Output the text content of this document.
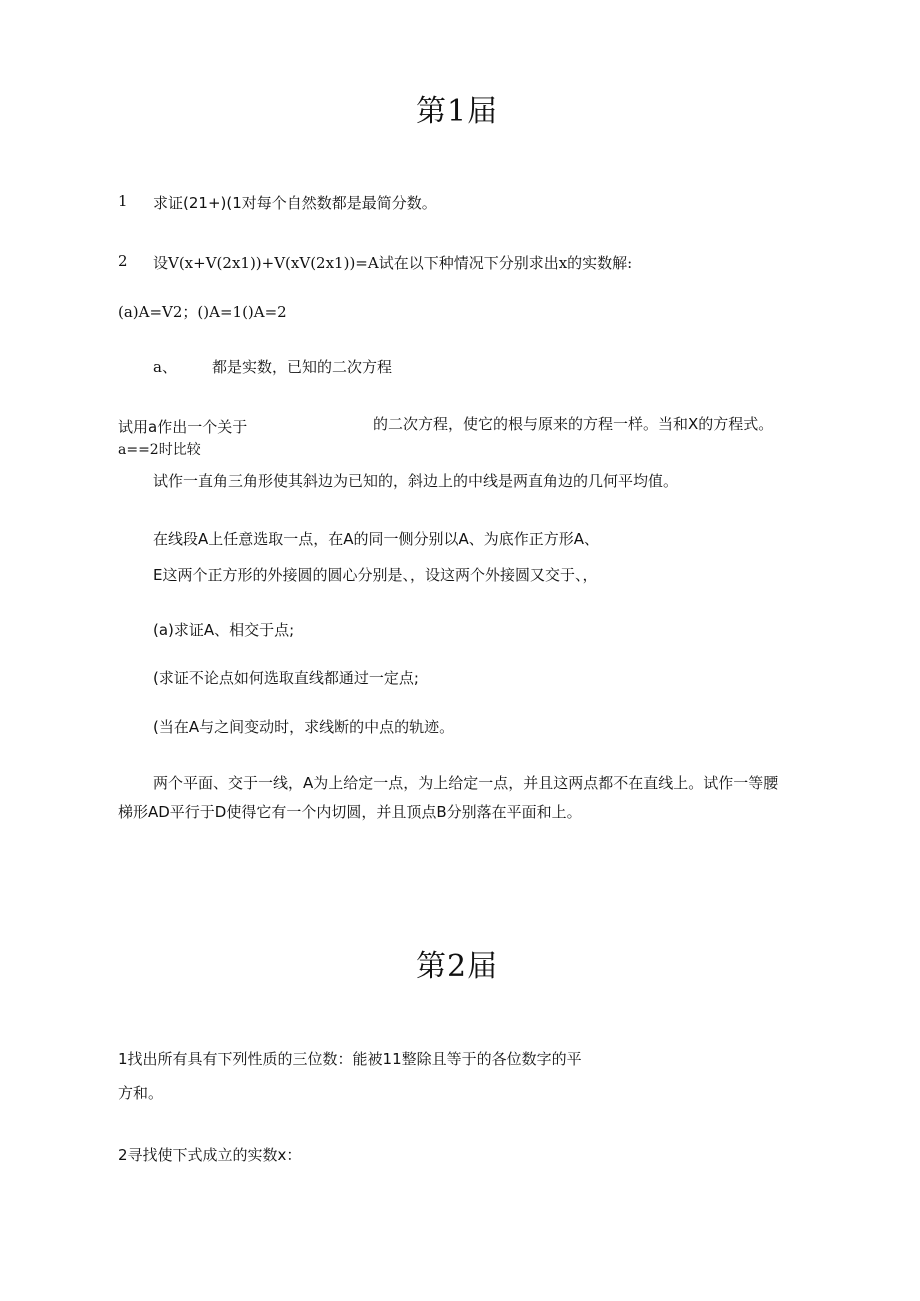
第1届
1 求证(21+)(1对每个自然数都是最简分数。
2 设V(x+V(2x1))+V(xV(2x1))=A试在以下种情况下分别求出x的实数解:
(a)A=V2；()A=1()A=2
a、 都是实数，已知的二次方程
试用a作出一个关于	的二次方程，使它的根与原来的方程一样。当和X的方程式。
a==2时比较
试作一直角三角形使其斜边为已知的，斜边上的中线是两直角边的几何平均值。
在线段A上任意选取一点，在A的同一侧分别以A、为底作正方形A、
E这两个正方形的外接圆的圆心分别是、，设这两个外接圆又交于、，
(a)求证A、相交于点;
(求证不论点如何选取直线都通过一定点;
(当在A与之间变动时，求线断的中点的轨迹。
两个平面、交于一线，A为上给定一点，为上给定一点，并且这两点都不在直线上。试作一等腰
梯形AD平行于D使得它有一个内切圆，并且顶点B分别落在平面和上。
第2届
1找出所有具有下列性质的三位数：能被11整除且等于的各位数字的平
方和。
2寻找使下式成立的实数x：
